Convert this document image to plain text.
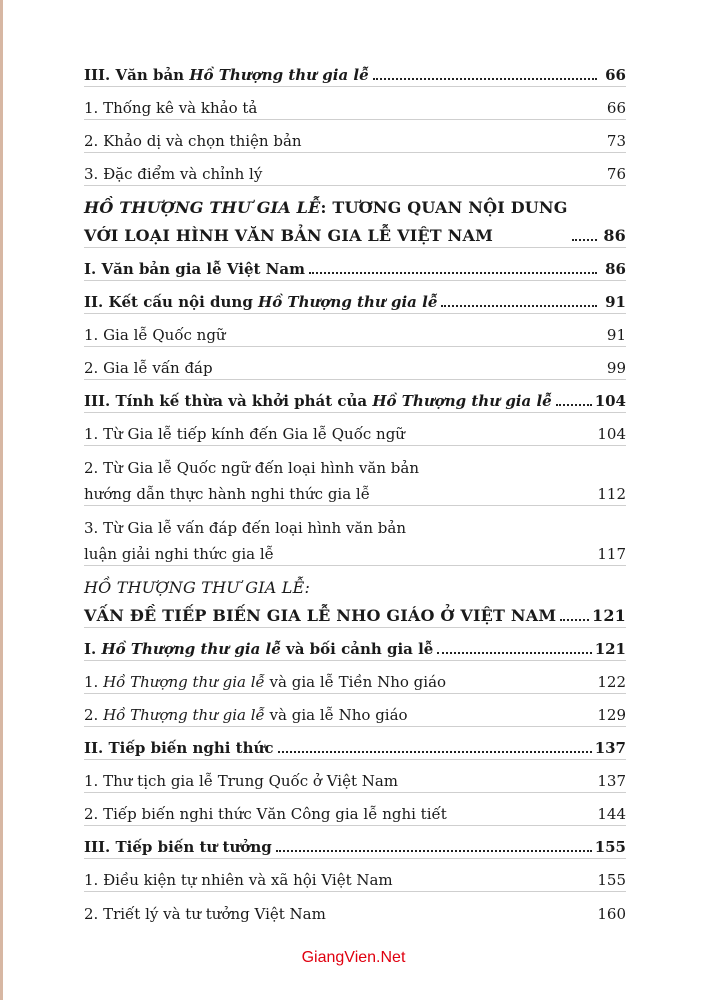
III. Văn bản Hồ Thượng thư gia lễ	66
1. Thống kê và khảo tả	66
2. Khảo dị và chọn thiện bản	73
3. Đặc điểm và chỉnh lý	76
HỒ THƯỢNG THƯ GIA LỄ: TƯƠNG QUAN NỘI DUNG
VỚI LOẠI HÌNH VĂN BẢN GIA LỄ VIỆT NAM	86
I. Văn bản gia lễ Việt Nam	86
II. Kết cấu nội dung Hồ Thượng thư gia lễ	91
1. Gia lễ Quốc ngữ	91
2. Gia lễ vấn đáp	99
III. Tính kế thừa và khởi phát của Hồ Thượng thư gia lễ	104
1. Từ Gia lễ tiếp kính đến Gia lễ Quốc ngữ	104
2. Từ Gia lễ Quốc ngữ đến loại hình văn bản
hướng dẫn thực hành nghi thức gia lễ	112
3. Từ Gia lễ vấn đáp đến loại hình văn bản
luận giải nghi thức gia lễ	117
HỒ THƯỢNG THƯ GIA LỄ:
VẤN ĐỀ TIẾP BIẾN GIA LỄ NHO GIÁO Ở VIỆT NAM 121
I. Hồ Thượng thư gia lễ và bối cảnh gia lễ	121
1. Hồ Thượng thư gia lễ và gia lễ Tiền Nho giáo	122
2. Hồ Thượng thư gia lễ và gia lễ Nho giáo	129
II. Tiếp biến nghi thức	137
1. Thư tịch gia lễ Trung Quốc ở Việt Nam	137
2. Tiếp biến nghi thức Văn Công gia lễ nghi tiết	144
III. Tiếp biến tư tưởng	155
1. Điều kiện tự nhiên và xã hội Việt Nam	155
2. Triết lý và tư tưởng Việt Nam	160
GiangVien.Net
